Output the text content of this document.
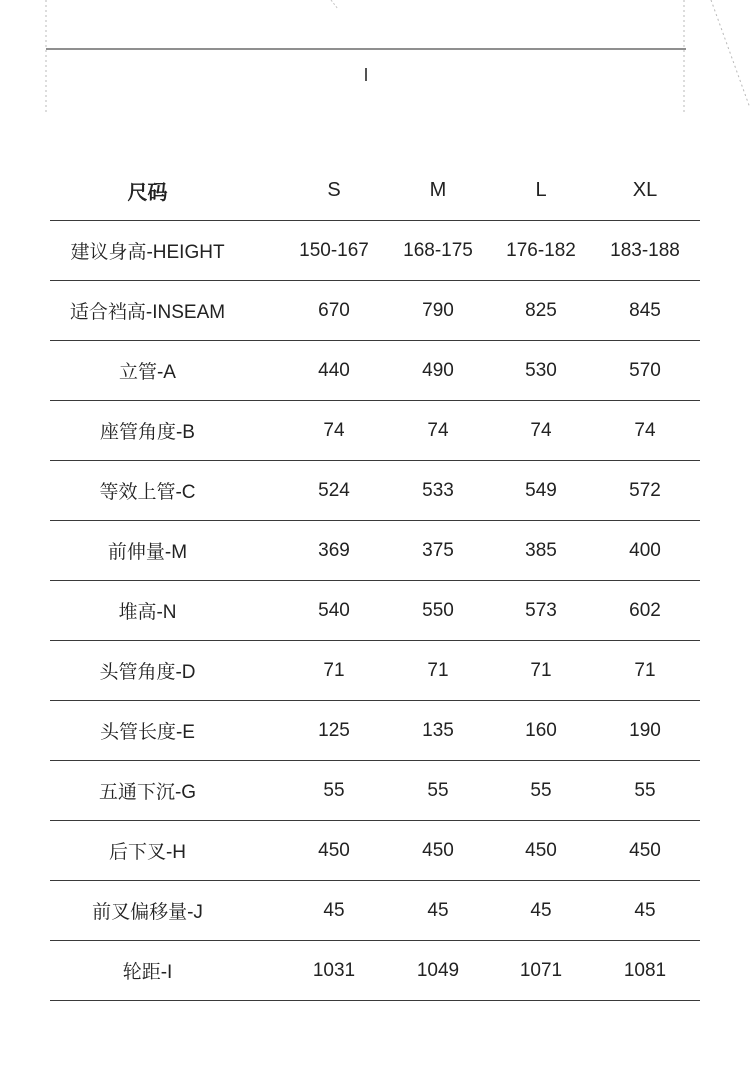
I
尺码	S	M	L	XL
建议身高-HEIGHT	150-167	168-175	176-182	183-188
适合裆高-INSEAM	670	790	825	845
立管-A	440	490	530	570
座管角度-B	74	74	74	74
等效上管-C	524	533	549	572
前伸量-M	369	375	385	400
堆高-N	540	550	573	602
头管角度-D	71	71	71	71
头管长度-E	125	135	160	190
五通下沉-G	55	55	55	55
后下叉-H	450	450	450	450
前叉偏移量-J	45	45	45	45
轮距-I	1031	1049	1071	1081
